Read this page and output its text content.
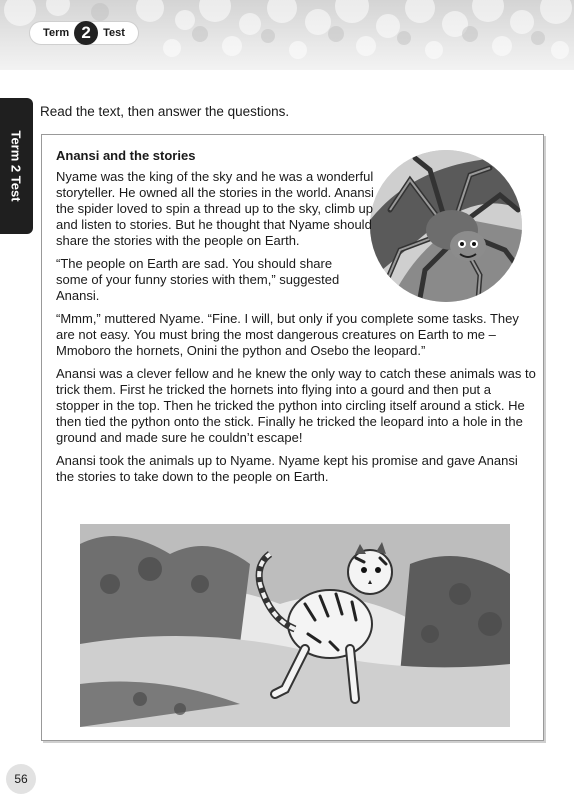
Term 2	Test
Term 2 Test
Read the text, then answer the questions.

Anansi and the stories

Nyame was the king of the sky and he was a wonderful storyteller. He owned all the stories in the world. Anansi the spider loved to spin a thread up to the sky, climb up and listen to stories. But he thought that Nyame should share the stories with the people on Earth.

“The people on Earth are sad. You should share some of your funny stories with them,” suggested Anansi.

“Mmm,” muttered Nyame. “Fine. I will, but only if you complete some tasks. They are not easy. You must bring the most dangerous creatures on Earth to me – Mmoboro the hornets, Onini the python and Osebo the leopard.”

Anansi was a clever fellow and he knew the only way to catch these animals was to trick them. First he tricked the hornets into flying into a gourd and then put a stopper in the top. Then he tricked the python into circling itself around a stick. He then tied the python onto the stick. Finally he tricked the leopard into a hole in the ground and made sure he couldn’t escape!

Anansi took the animals up to Nyame. Nyame kept his promise and gave Anansi the stories to take down to the people on Earth.

56
